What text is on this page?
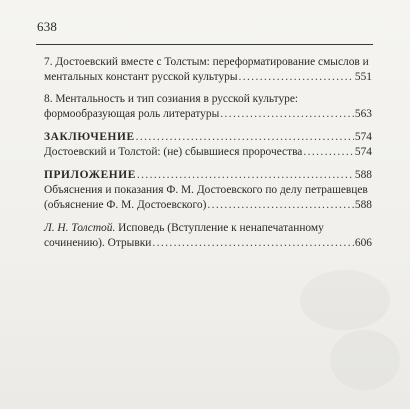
638
7. Достоевский вместе с Толстым: переформатирование смыслов и
ментальных констант русской культуры .....	551
8. Ментальность и тип созиания в русской культуре:
формообразующая роль литературы .....	563
ЗАКЛЮЧЕНИЕ .....	574
Достоевский и Толстой: (не) сбывшиеся пророчества .....	574
ПРИЛОЖЕНИЕ .....	588
Объяснения и показания Ф. М. Достоевского по делу петрашевцев
(объяснение Ф. М. Достоевского) .....	588
Л. Н. Толстой. Исповедь (Вступление к ненапечатанному
сочинению). Отрывки .....	606
